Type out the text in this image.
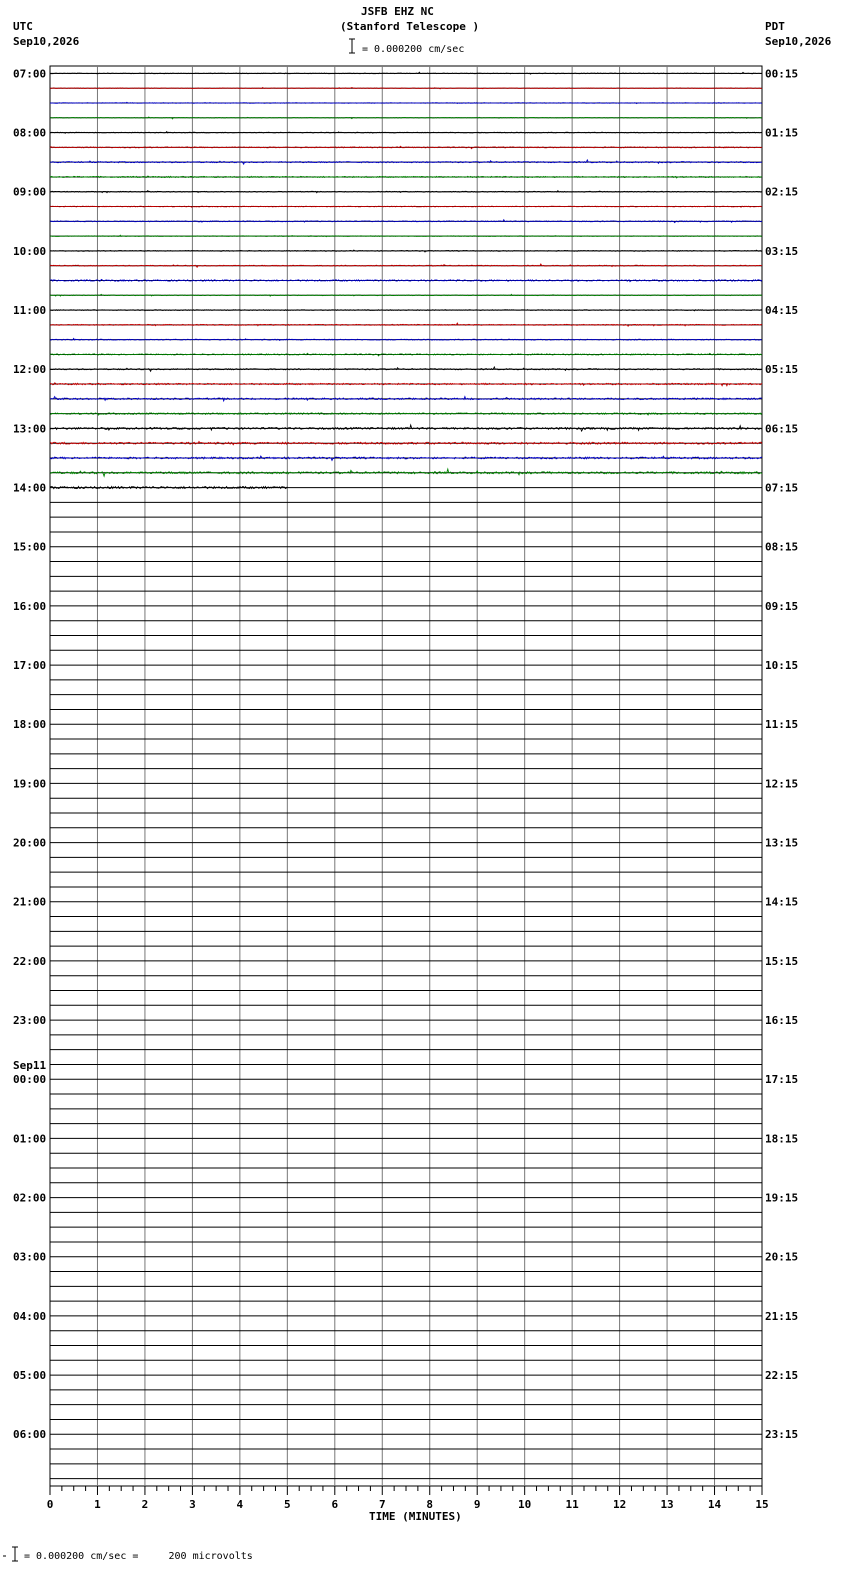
JSFB EHZ NC
(Stanford Telescope )
= 0.000200 cm/sec
UTC
Sep10,2026
PDT
Sep10,2026
TIME (MINUTES)
= 0.000200 cm/sec =     200 microvolts
07:00
08:00
09:00
10:00
11:00
12:00
13:00
14:00
15:00
16:00
17:00
18:00
19:00
20:00
21:00
22:00
23:00
00:00
Sep11
01:00
02:00
03:00
04:00
05:00
06:00
00:15
01:15
02:15
03:15
04:15
05:15
06:15
07:15
08:15
09:15
10:15
11:15
12:15
13:15
14:15
15:15
16:15
17:15
18:15
19:15
20:15
21:15
22:15
23:15
0	1	2	3	4	5	6	7	8	9	10	11	12	13	14	15
